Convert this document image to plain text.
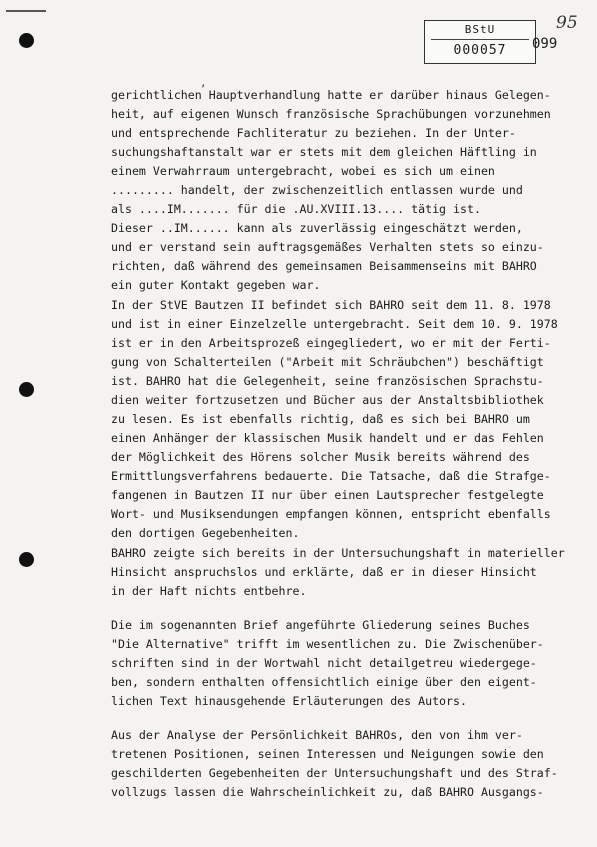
BStU
000057	099
95
,
gerichtlichen Hauptverhandlung hatte er darüber hinaus Gelegen-
heit, auf eigenen Wunsch französische Sprachübungen vorzunehmen
und entsprechende Fachliteratur zu beziehen. In der Unter-
suchungshaftanstalt war er stets mit dem gleichen Häftling in
einem Verwahrraum untergebracht, wobei es sich um einen
......... handelt, der zwischenzeitlich entlassen wurde und
als ....IM....... für die .AU.XVIII.13.... tätig ist.
Dieser ..IM...... kann als zuverlässig eingeschätzt werden,
und er verstand sein auftragsgemäßes Verhalten stets so einzu-
richten, daß während des gemeinsamen Beisammenseins mit BAHRO
ein guter Kontakt gegeben war.
In der StVE Bautzen II befindet sich BAHRO seit dem 11. 8. 1978
und ist in einer Einzelzelle untergebracht. Seit dem 10. 9. 1978
ist er in den Arbeitsprozeß eingegliedert, wo er mit der Ferti-
gung von Schalterteilen ("Arbeit mit Schräubchen") beschäftigt
ist. BAHRO hat die Gelegenheit, seine französischen Sprachstu-
dien weiter fortzusetzen und Bücher aus der Anstaltsbibliothek
zu lesen. Es ist ebenfalls richtig, daß es sich bei BAHRO um
einen Anhänger der klassischen Musik handelt und er das Fehlen
der Möglichkeit des Hörens solcher Musik bereits während des
Ermittlungsverfahrens bedauerte. Die Tatsache, daß die Strafge-
fangenen in Bautzen II nur über einen Lautsprecher festgelegte
Wort- und Musiksendungen empfangen können, entspricht ebenfalls
den dortigen Gegebenheiten.
BAHRO zeigte sich bereits in der Untersuchungshaft in materieller
Hinsicht anspruchslos und erklärte, daß er in dieser Hinsicht
in der Haft nichts entbehre.
Die im sogenannten Brief angeführte Gliederung seines Buches
"Die Alternative" trifft im wesentlichen zu. Die Zwischenüber-
schriften sind in der Wortwahl nicht detailgetreu wiedergege-
ben, sondern enthalten offensichtlich einige über den eigent-
lichen Text hinausgehende Erläuterungen des Autors.
Aus der Analyse der Persönlichkeit BAHROs, den von ihm ver-
tretenen Positionen, seinen Interessen und Neigungen sowie den
geschilderten Gegebenheiten der Untersuchungshaft und des Straf-
vollzugs lassen die Wahrscheinlichkeit zu, daß BAHRO Ausgangs-
